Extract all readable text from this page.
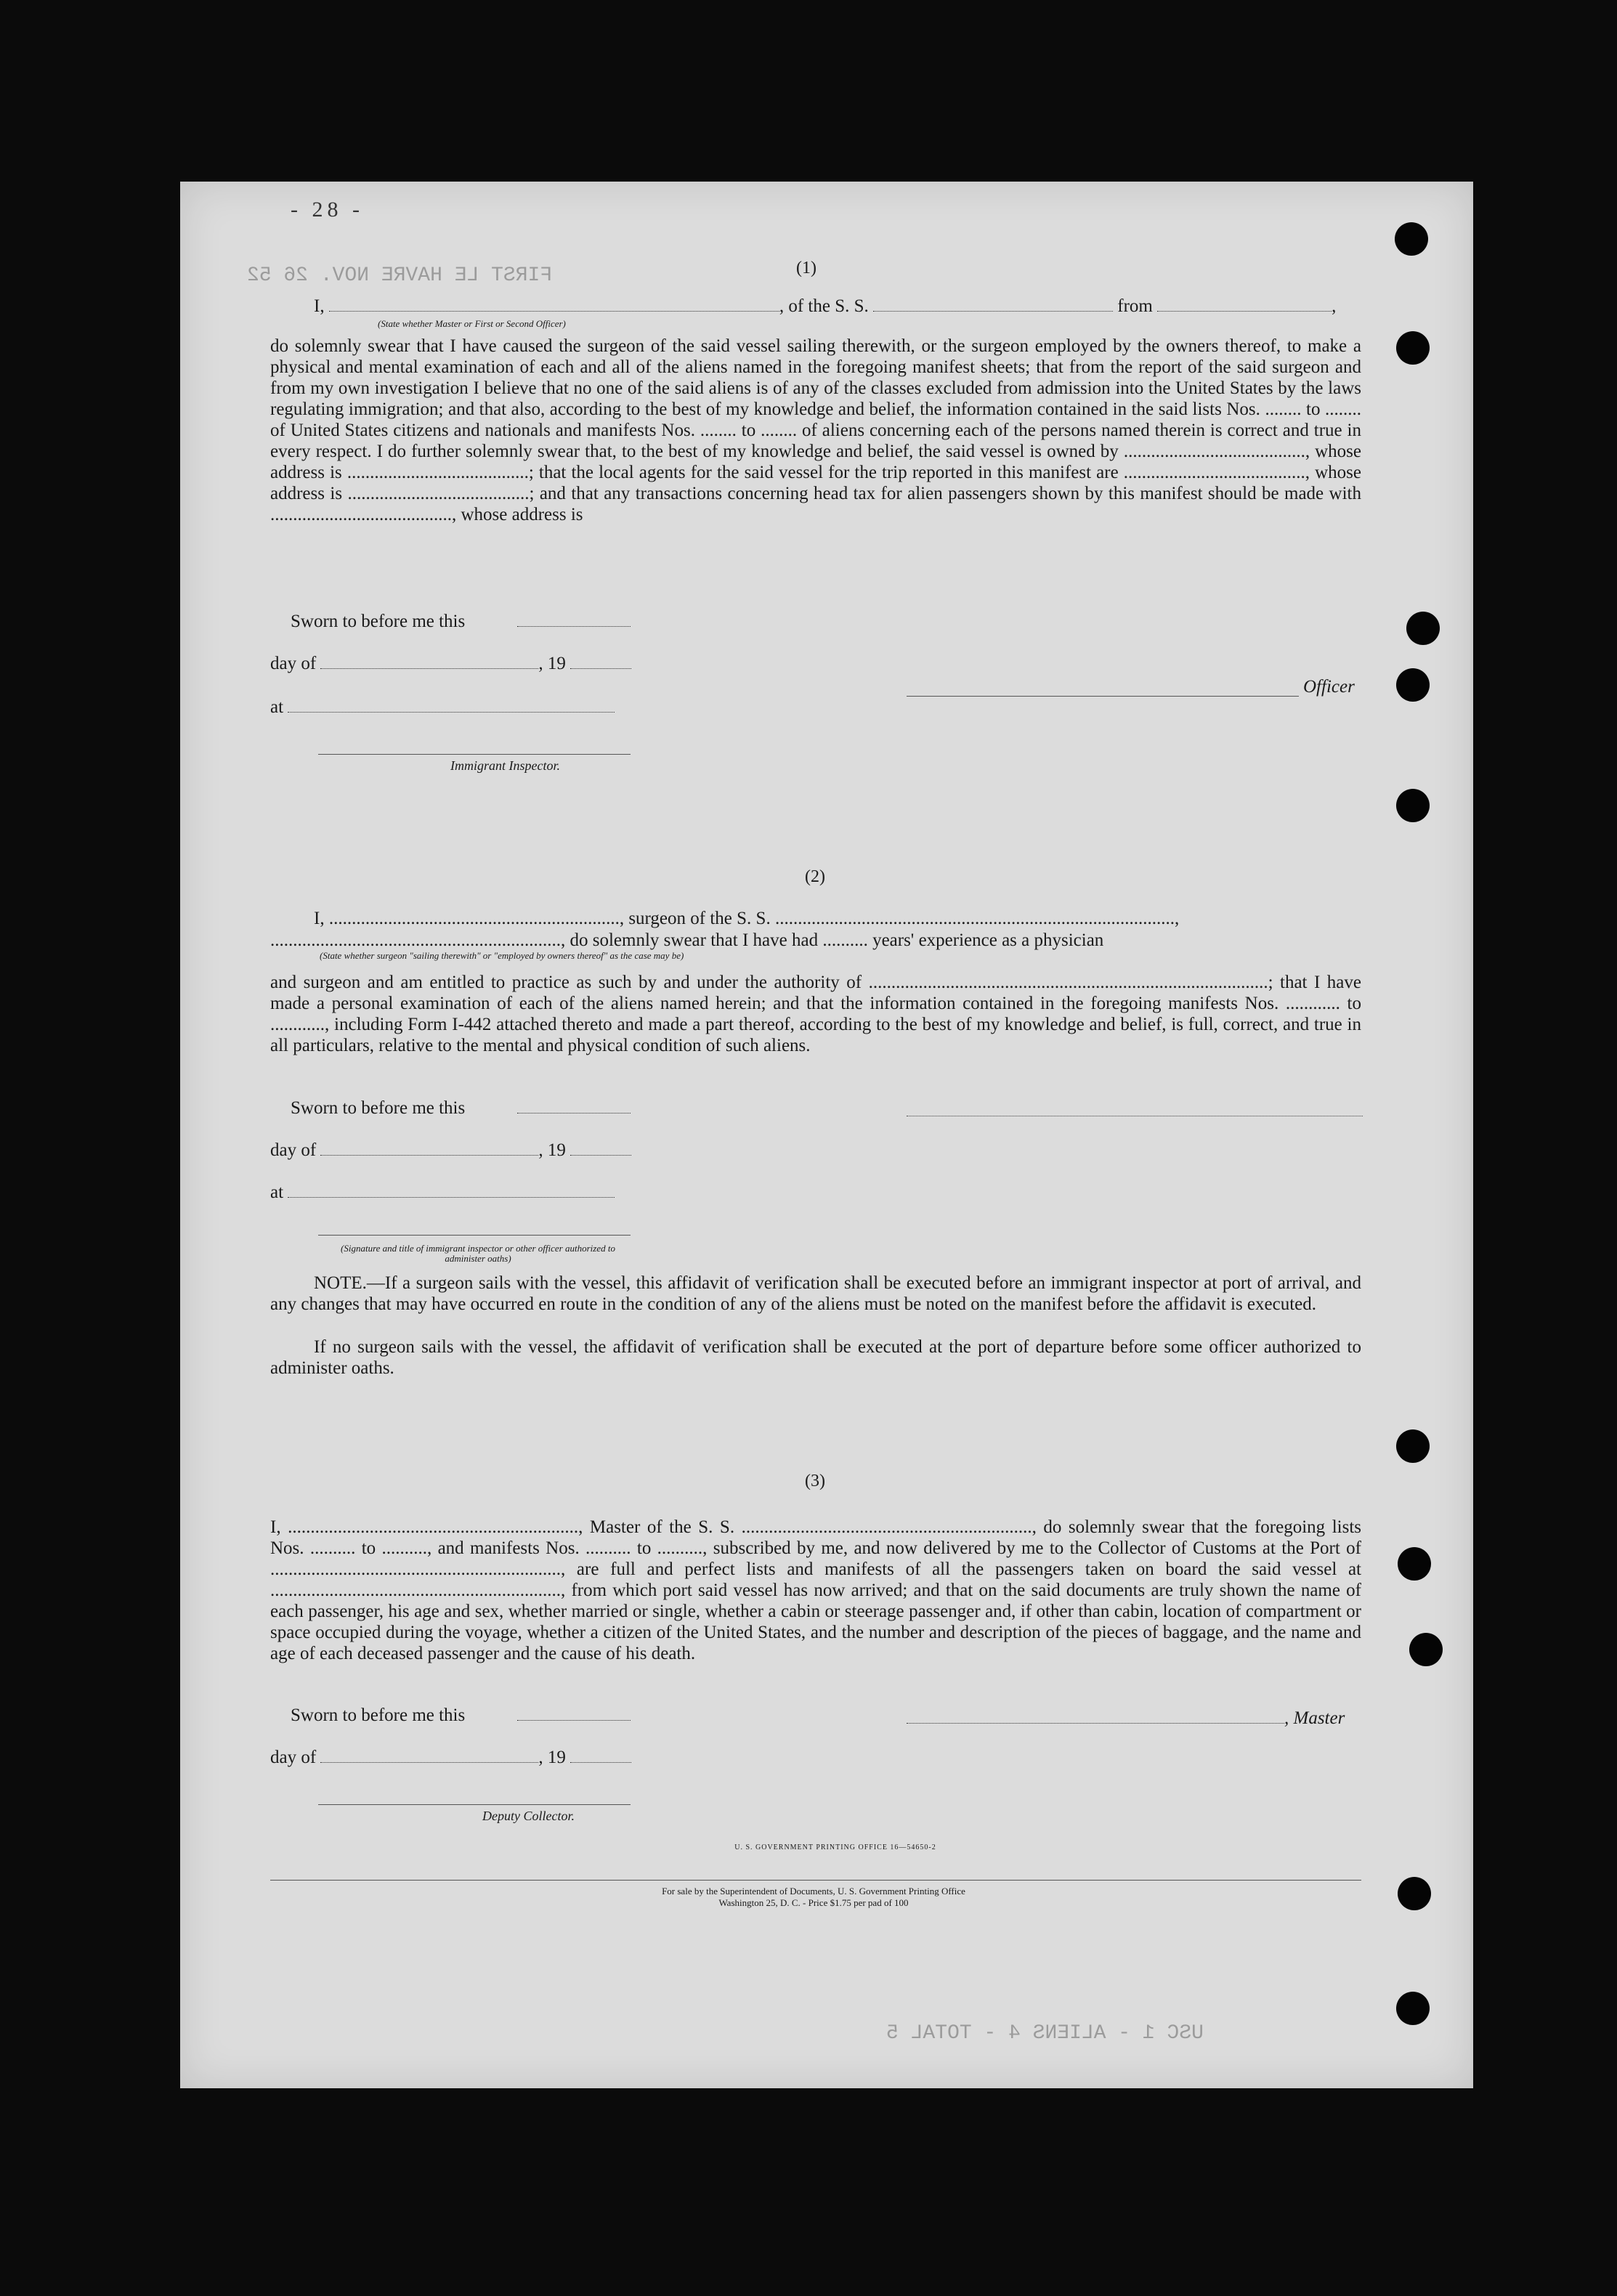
- 28 -
FIRST LE HAVRE NOV. 26 52
USC 1 - ALIENS 4 - TOTAL 5
(1)
I,	, of the S. S.	from	,
(State whether Master or First or Second Officer)

do solemnly swear that I have caused the surgeon of the said vessel sailing therewith, or the surgeon employed by the owners thereof, to make a physical and mental examination of each and all of the aliens named in the foregoing manifest sheets; that from the report of the said surgeon and from my own investigation I believe that no one of the said aliens is of any of the classes excluded from admission into the United States by the laws regulating immigration; and that also, according to the best of my knowledge and belief, the information contained in the said lists Nos. ........ to ........ of United States citizens and nationals and manifests Nos. ........ to ........ of aliens concerning each of the persons named therein is correct and true in every respect. I do further solemnly swear that, to the best of my knowledge and belief, the said vessel is owned by ........................................, whose address is ........................................; that the local agents for the said vessel for the trip reported in this manifest are ........................................, whose address is ........................................; and that any transactions concerning head tax for alien passengers shown by this manifest should be made with ........................................, whose address is

Sworn to before me this
day of	, 19
at
Officer
Immigrant Inspector.
(2)

I, ................................................................, surgeon of the S. S. ........................................................................................,

................................................................, do solemnly swear that I have had .......... years' experience as a physician

(State whether surgeon "sailing therewith" or "employed by owners thereof" as the case may be)

and surgeon and am entitled to practice as such by and under the authority of ........................................................................................; that I have made a personal examination of each of the aliens named herein; and that the information contained in the foregoing manifests Nos. ............ to ............, including Form I-442 attached thereto and made a part thereof, according to the best of my knowledge and belief, is full, correct, and true in all particulars, relative to the mental and physical condition of such aliens.

Sworn to before me this
day of	, 19
at
(Signature and title of immigrant inspector or other officer authorized to administer oaths)

NOTE.—If a surgeon sails with the vessel, this affidavit of verification shall be executed before an immigrant inspector at port of arrival, and any changes that may have occurred en route in the condition of any of the aliens must be noted on the manifest before the affidavit is executed.

If no surgeon sails with the vessel, the affidavit of verification shall be executed at the port of departure before some officer authorized to administer oaths.

(3)

I, ................................................................, Master of the S. S. ................................................................, do solemnly swear that the foregoing lists Nos. .......... to .........., and manifests Nos. .......... to .........., subscribed by me, and now delivered by me to the Collector of Customs at the Port of ................................................................, are full and perfect lists and manifests of all the passengers taken on board the said vessel at ................................................................, from which port said vessel has now arrived; and that on the said documents are truly shown the name of each passenger, his age and sex, whether married or single, whether a cabin or steerage passenger and, if other than cabin, location of compartment or space occupied during the voyage, whether a citizen of the United States, and the number and description of the pieces of baggage, and the name and age of each deceased passenger and the cause of his death.

Sworn to before me this	, Master
day of	, 19
Deputy Collector.
U. S. GOVERNMENT PRINTING OFFICE 16—54650-2
For sale by the Superintendent of Documents, U. S. Government Printing Office
Washington 25, D. C. - Price $1.75 per pad of 100
